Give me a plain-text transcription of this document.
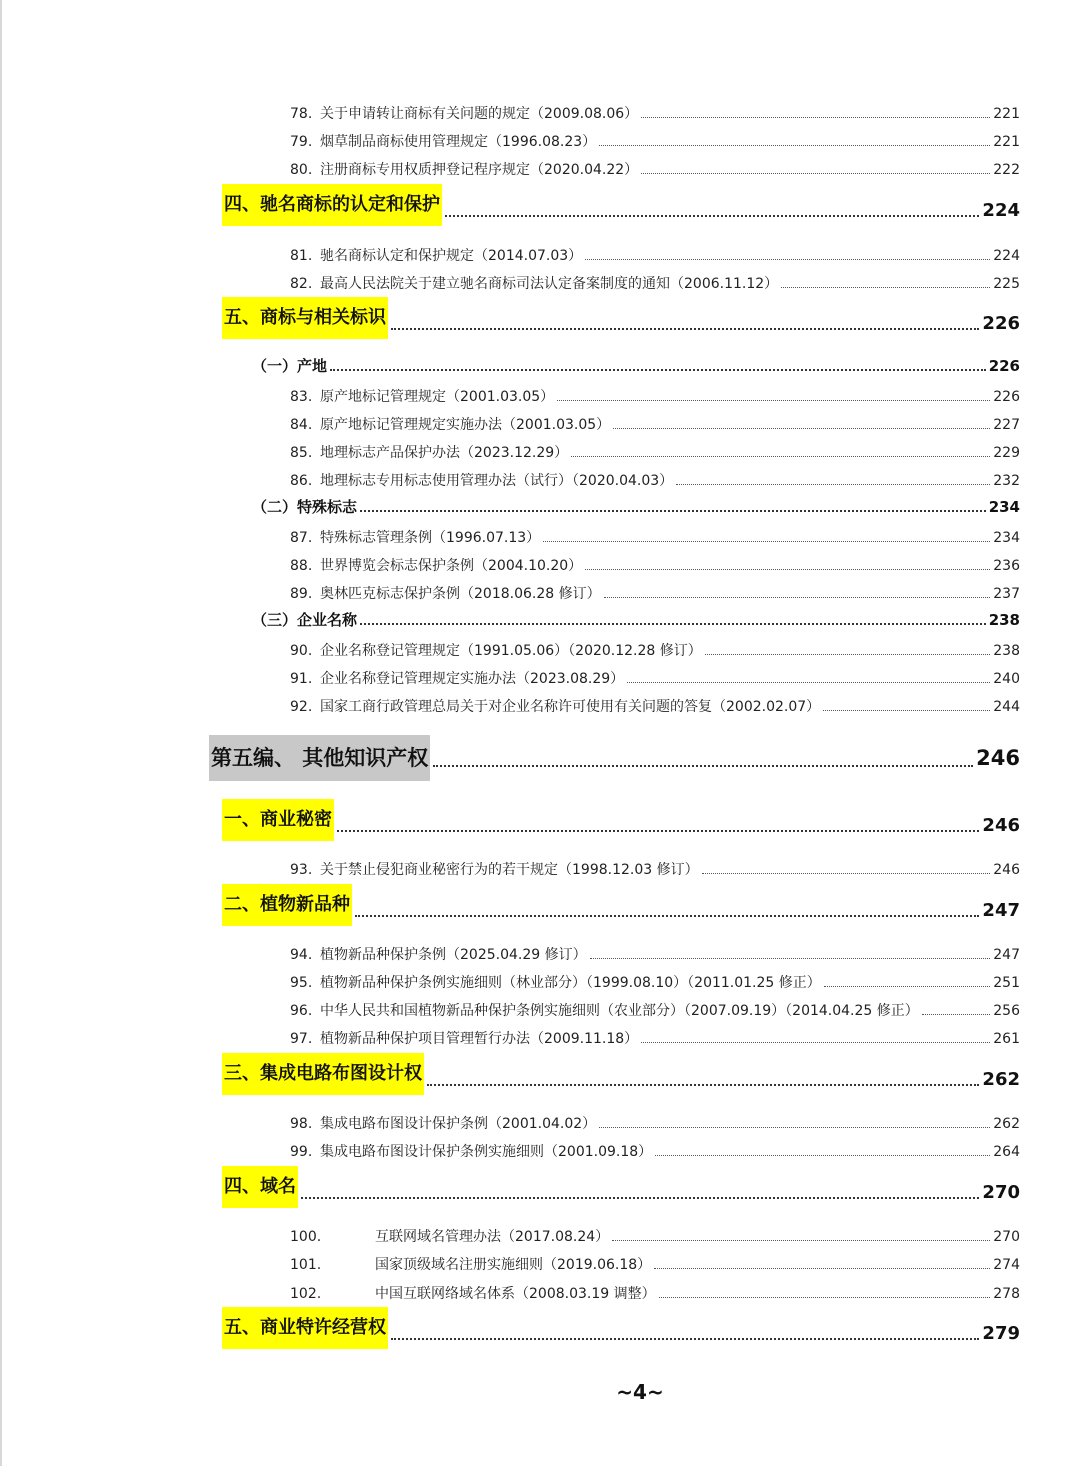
78. 关于申请转让商标有关问题的规定（2009.08.06）	221
79. 烟草制品商标使用管理规定（1996.08.23）	221
80. 注册商标专用权质押登记程序规定（2020.04.22）	222
四、驰名商标的认定和保护	224
81. 驰名商标认定和保护规定（2014.07.03）	224
82. 最高人民法院关于建立驰名商标司法认定备案制度的通知（2006.11.12）	225
五、商标与相关标识	226
（一）产地	226
83. 原产地标记管理规定（2001.03.05）	226
84. 原产地标记管理规定实施办法（2001.03.05）	227
85. 地理标志产品保护办法（2023.12.29）	229
86. 地理标志专用标志使用管理办法（试行）（2020.04.03）	232
（二）特殊标志	234
87. 特殊标志管理条例（1996.07.13）	234
88. 世界博览会标志保护条例（2004.10.20）	236
89. 奥林匹克标志保护条例（2018.06.28 修订）	237
（三）企业名称	238
90. 企业名称登记管理规定（1991.05.06）（2020.12.28 修订）	238
91. 企业名称登记管理规定实施办法（2023.08.29）	240
92. 国家工商行政管理总局关于对企业名称许可使用有关问题的答复（2002.02.07）	244
第五编、 其他知识产权	246
一、商业秘密	246
93. 关于禁止侵犯商业秘密行为的若干规定（1998.12.03 修订）	246
二、植物新品种	247
94. 植物新品种保护条例（2025.04.29 修订）	247
95. 植物新品种保护条例实施细则（林业部分）（1999.08.10）（2011.01.25 修正）	251
96. 中华人民共和国植物新品种保护条例实施细则（农业部分）（2007.09.19）（2014.04.25 修正）	256
97. 植物新品种保护项目管理暂行办法（2009.11.18）	261
三、集成电路布图设计权	262
98. 集成电路布图设计保护条例（2001.04.02）	262
99. 集成电路布图设计保护条例实施细则（2001.09.18）	264
四、域名	270
100.	互联网域名管理办法（2017.08.24）	270
101.	国家顶级域名注册实施细则（2019.06.18）	274
102.	中国互联网络域名体系（2008.03.19 调整）	278
五、商业特许经营权	279
~4~
